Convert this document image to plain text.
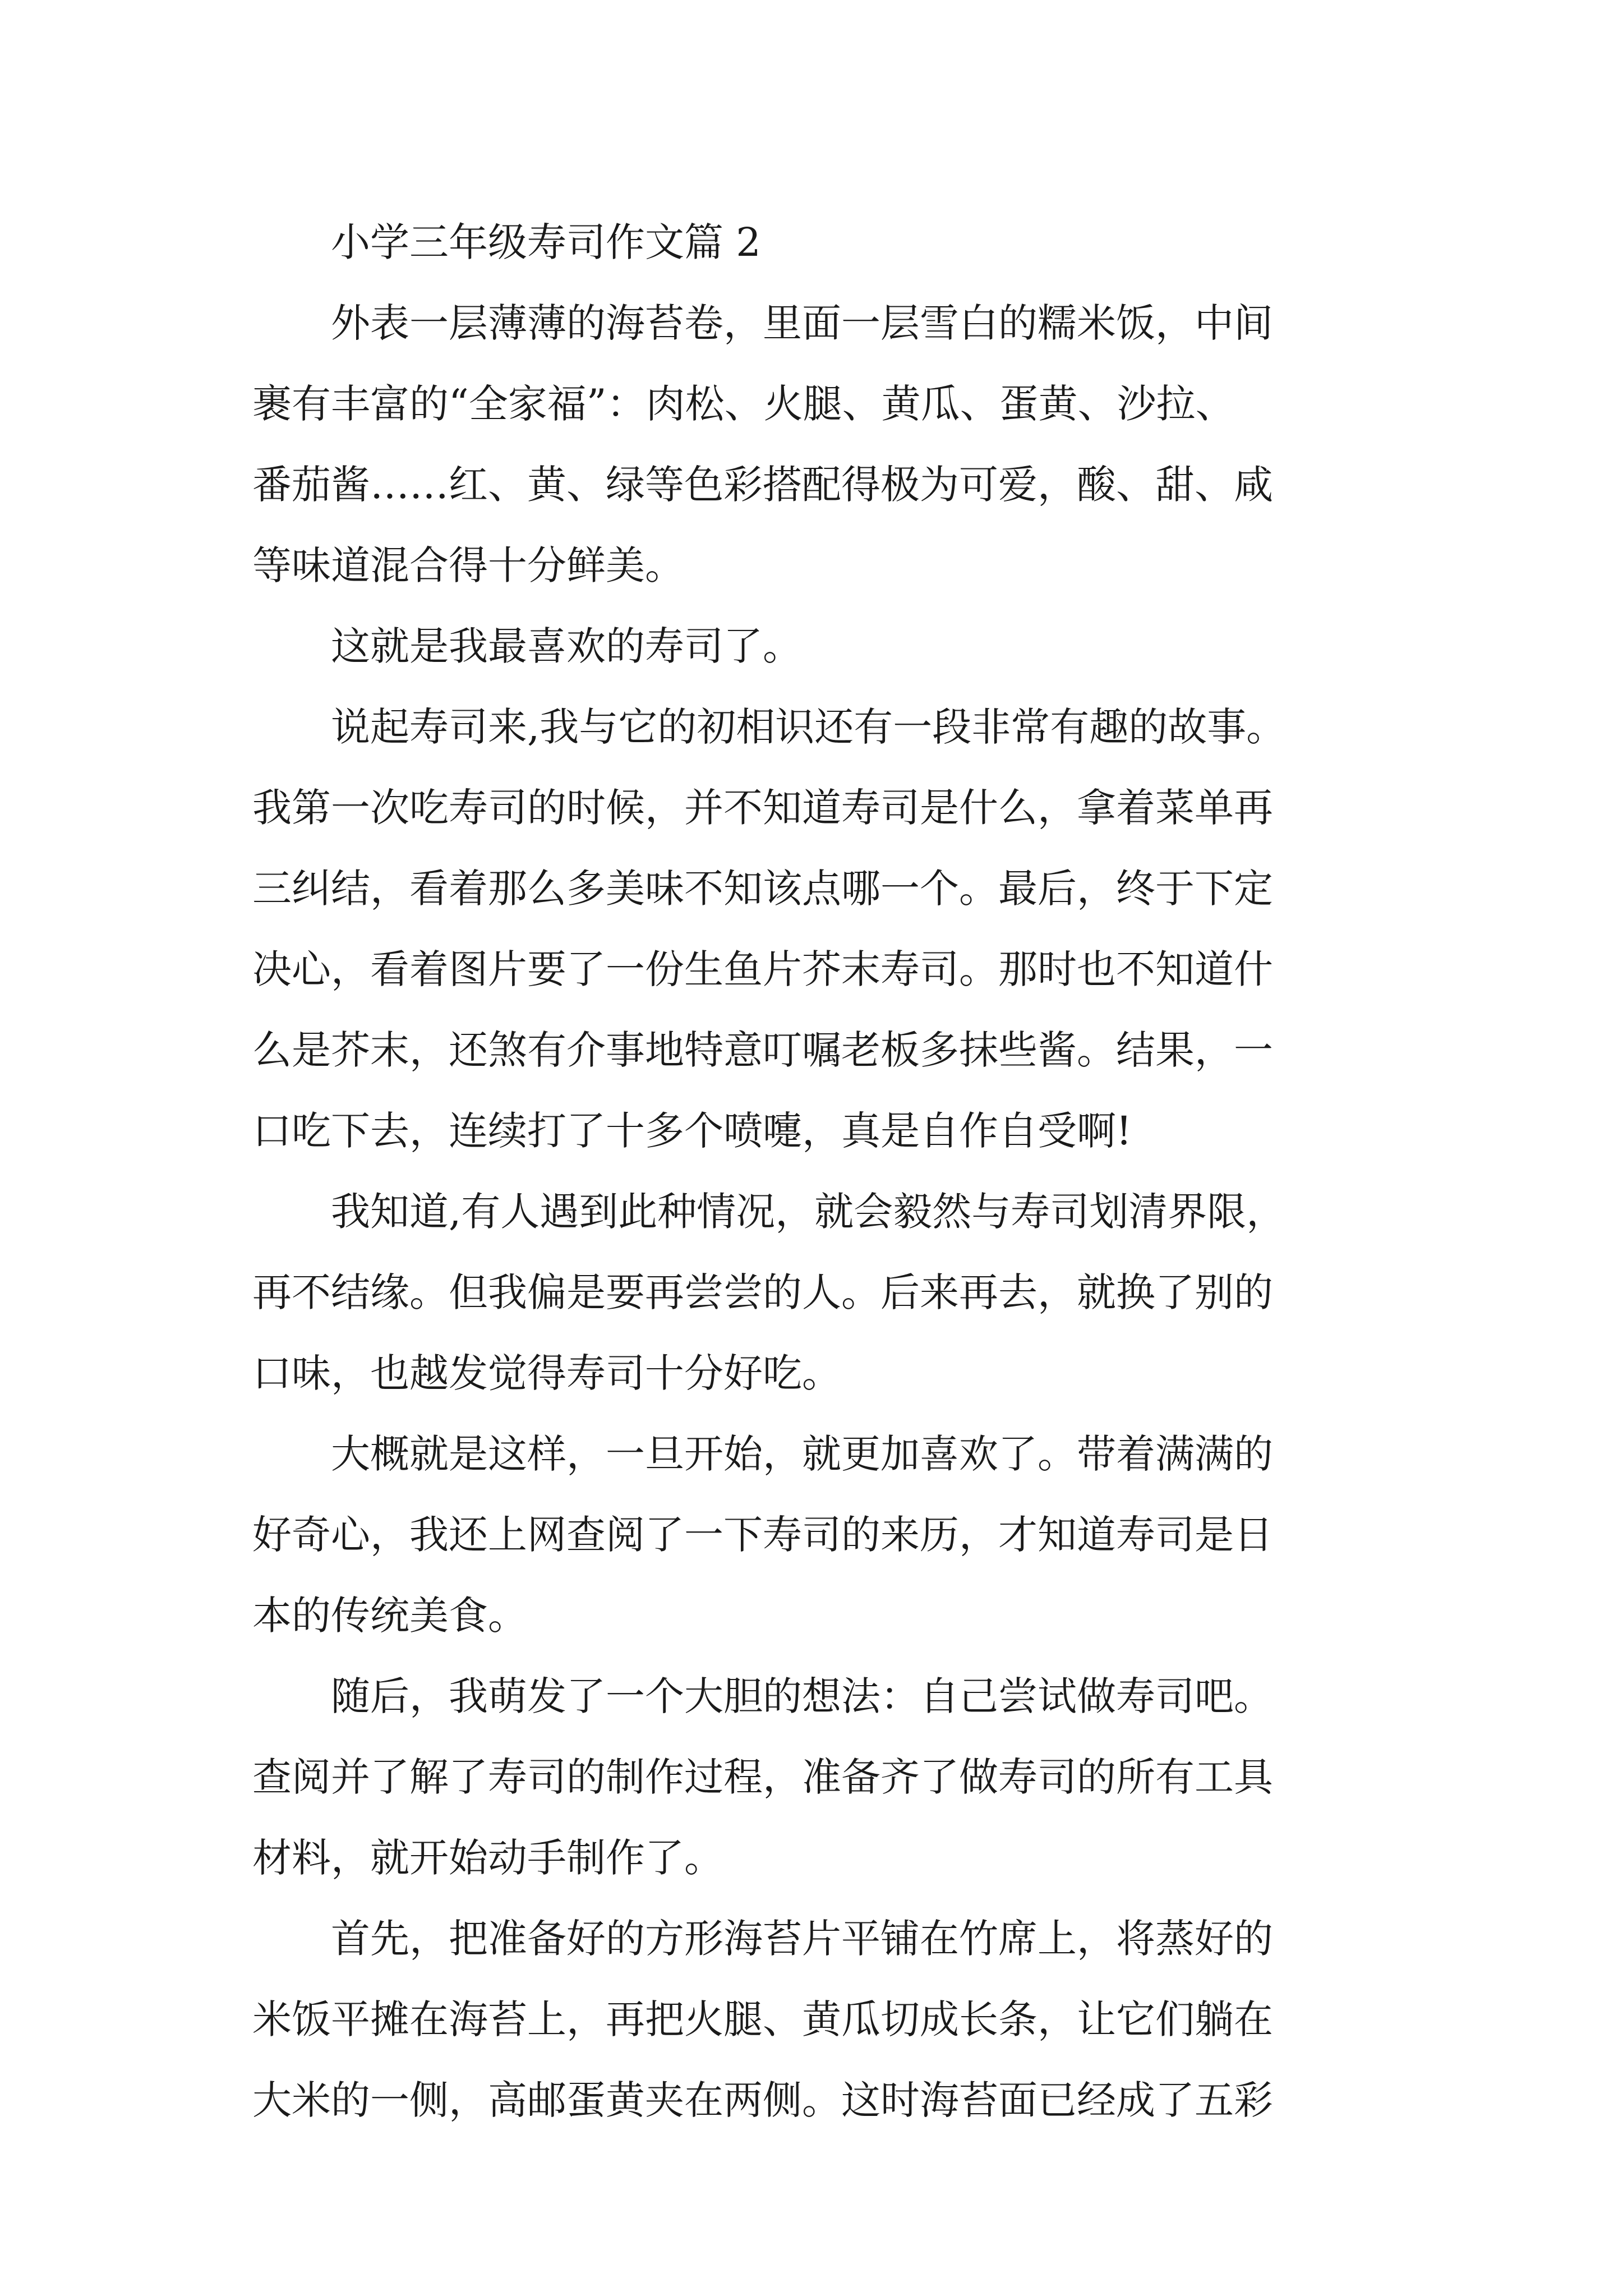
小学三年级寿司作文篇 2
外表一层薄薄的海苔卷，里面一层雪白的糯米饭，中间
裹有丰富的“全家福”：肉松、火腿、黄瓜、蛋黄、沙拉、
番茄酱……红、黄、绿等色彩搭配得极为可爱，酸、甜、咸
等味道混合得十分鲜美。
这就是我最喜欢的寿司了。
说起寿司来,我与它的初相识还有一段非常有趣的故事。
我第一次吃寿司的时候，并不知道寿司是什么，拿着菜单再
三纠结，看着那么多美味不知该点哪一个。最后，终于下定
决心，看着图片要了一份生鱼片芥末寿司。那时也不知道什
么是芥末，还煞有介事地特意叮嘱老板多抹些酱。结果，一
口吃下去，连续打了十多个喷嚏，真是自作自受啊!
我知道,有人遇到此种情况，就会毅然与寿司划清界限，
再不结缘。但我偏是要再尝尝的人。后来再去，就换了别的
口味，也越发觉得寿司十分好吃。
大概就是这样，一旦开始，就更加喜欢了。带着满满的
好奇心，我还上网查阅了一下寿司的来历，才知道寿司是日
本的传统美食。
随后，我萌发了一个大胆的想法：自己尝试做寿司吧。
查阅并了解了寿司的制作过程，准备齐了做寿司的所有工具
材料，就开始动手制作了。
首先，把准备好的方形海苔片平铺在竹席上，将蒸好的
米饭平摊在海苔上，再把火腿、黄瓜切成长条，让它们躺在
大米的一侧，高邮蛋黄夹在两侧。这时海苔面已经成了五彩
